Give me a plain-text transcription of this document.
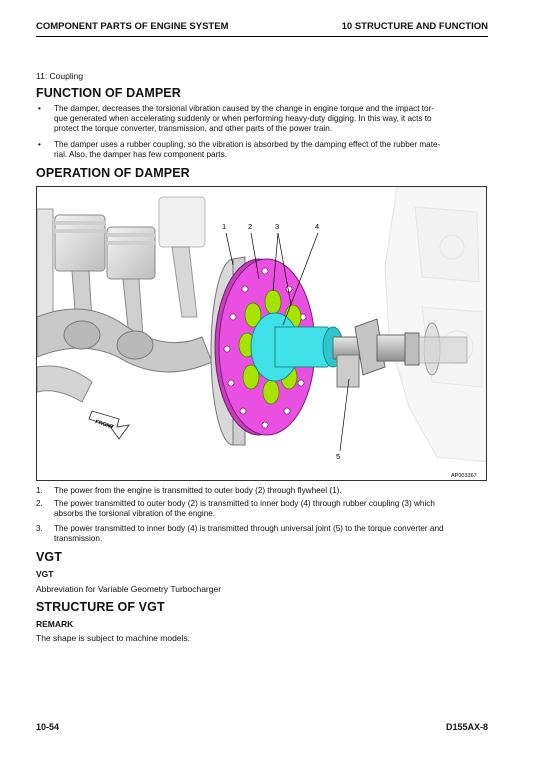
COMPONENT PARTS OF ENGINE SYSTEM	10 STRUCTURE AND FUNCTION
11: Coupling
FUNCTION OF DAMPER
• The damper, decreases the torsional vibration caused by the change in engine torque and the impact tor-
que generated when accelerating suddenly or when performing heavy-duty digging. In this way, it acts to
protect the torque converter, transmission, and other parts of the power train.
• The damper uses a rubber coupling, so the vibration is absorbed by the damping effect of the rubber mate-
rial. Also, the damper has few component parts.
OPERATION OF DAMPER
FRONT
1	2	3	4
5
AP003367
1. The power from the engine is transmitted to outer body (2) through flywheel (1).
2. The power transmitted to outer body (2) is transmitted to inner body (4) through rubber coupling (3) which
absorbs the torsional vibration of the engine.
3. The power transmitted to inner body (4) is transmitted through universal joint (5) to the torque converter and
transmission.
VGT
VGT
Abbreviation for Variable Geometry Turbocharger
STRUCTURE OF VGT
REMARK
The shape is subject to machine models.
10-54	D155AX-8
